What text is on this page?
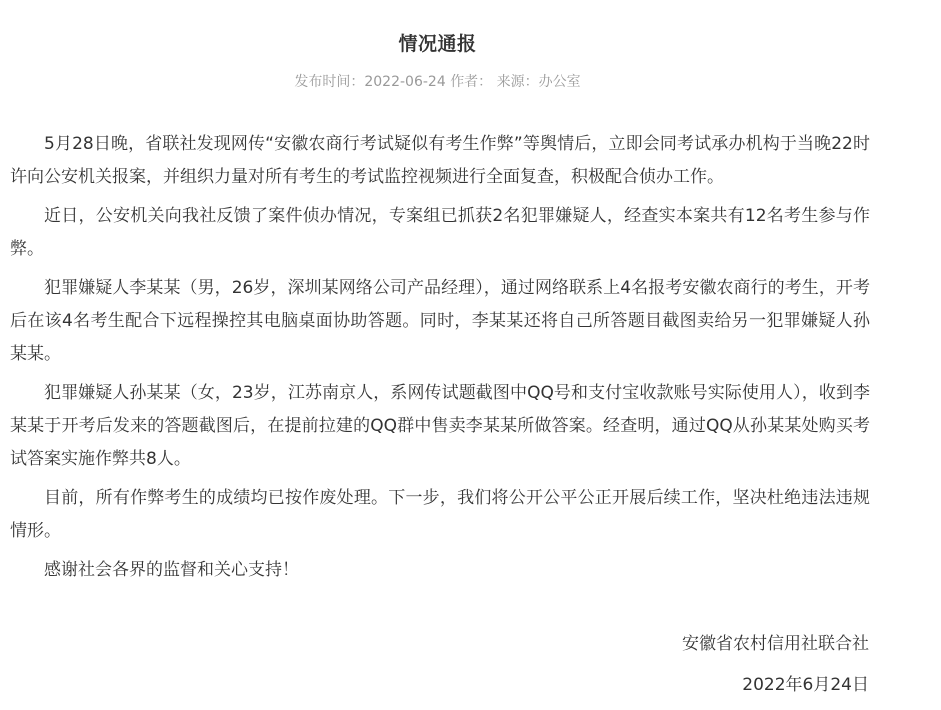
情况通报
发布时间：2022-06-24 作者： 来源：办公室

5月28日晚，省联社发现网传“安徽农商行考试疑似有考生作弊”等舆情后，立即会同考试承办机构于当晚22时许向公安机关报案，并组织力量对所有考生的考试监控视频进行全面复查，积极配合侦办工作。

近日，公安机关向我社反馈了案件侦办情况，专案组已抓获2名犯罪嫌疑人，经查实本案共有12名考生参与作弊。

犯罪嫌疑人李某某（男，26岁，深圳某网络公司产品经理），通过网络联系上4名报考安徽农商行的考生，开考后在该4名考生配合下远程操控其电脑桌面协助答题。同时，李某某还将自己所答题目截图卖给另一犯罪嫌疑人孙某某。

犯罪嫌疑人孙某某（女，23岁，江苏南京人，系网传试题截图中QQ号和支付宝收款账号实际使用人），收到李某某于开考后发来的答题截图后，在提前拉建的QQ群中售卖李某某所做答案。经查明，通过QQ从孙某某处购买考试答案实施作弊共8人。

目前，所有作弊考生的成绩均已按作废处理。下一步，我们将公开公平公正开展后续工作，坚决杜绝违法违规情形。

感谢社会各界的监督和关心支持！

安徽省农村信用社联合社
2022年6月24日
